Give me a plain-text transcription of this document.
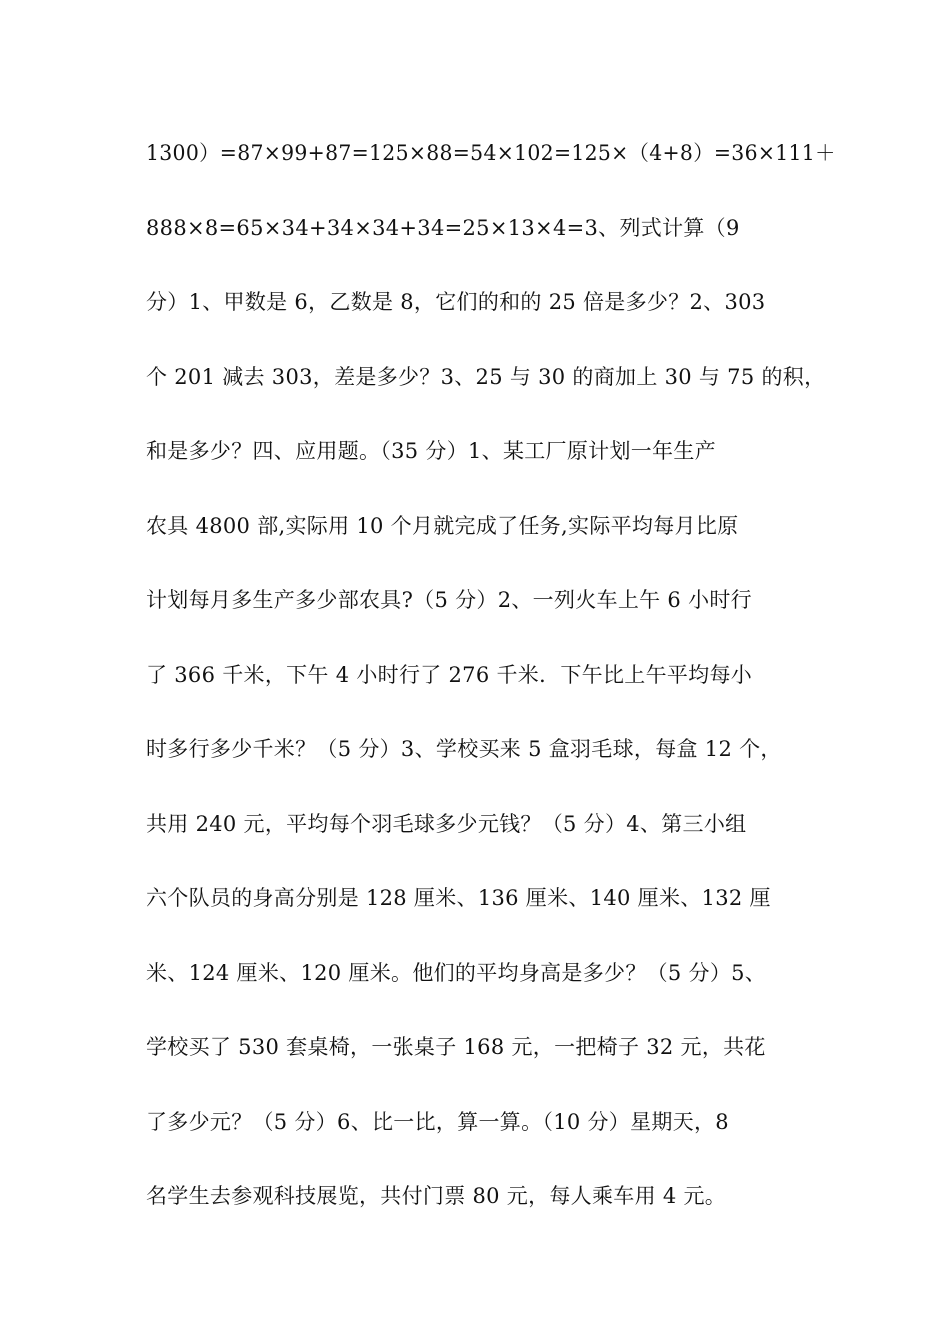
1300）=87×99+87=125×88=54×102=125×（4+8）=36×111＋
888×8=65×34+34×34+34=25×13×4=3、列式计算（9
分）1、甲数是 6，乙数是 8，它们的和的 25 倍是多少？2、303
个 201 减去 303，差是多少？3、25 与 30 的商加上 30 与 75 的积，
和是多少？四、应用题。（35 分）1、某工厂原计划一年生产
农具 4800 部,实际用 10 个月就完成了任务,实际平均每月比原
计划每月多生产多少部农具?（5 分）2、一列火车上午 6 小时行
了 366 千米，下午 4 小时行了 276 千米．下午比上午平均每小
时多行多少千米？（5 分）3、学校买来 5 盒羽毛球，每盒 12 个，
共用 240 元，平均每个羽毛球多少元钱？（5 分）4、第三小组
六个队员的身高分别是 128 厘米、136 厘米、140 厘米、132 厘
米、124 厘米、120 厘米。他们的平均身高是多少？（5 分）5、
学校买了 530 套桌椅，一张桌子 168 元，一把椅子 32 元，共花
了多少元？（5 分）6、比一比，算一算。（10 分）星期天，8
名学生去参观科技展览，共付门票 80 元，每人乘车用 4 元。
